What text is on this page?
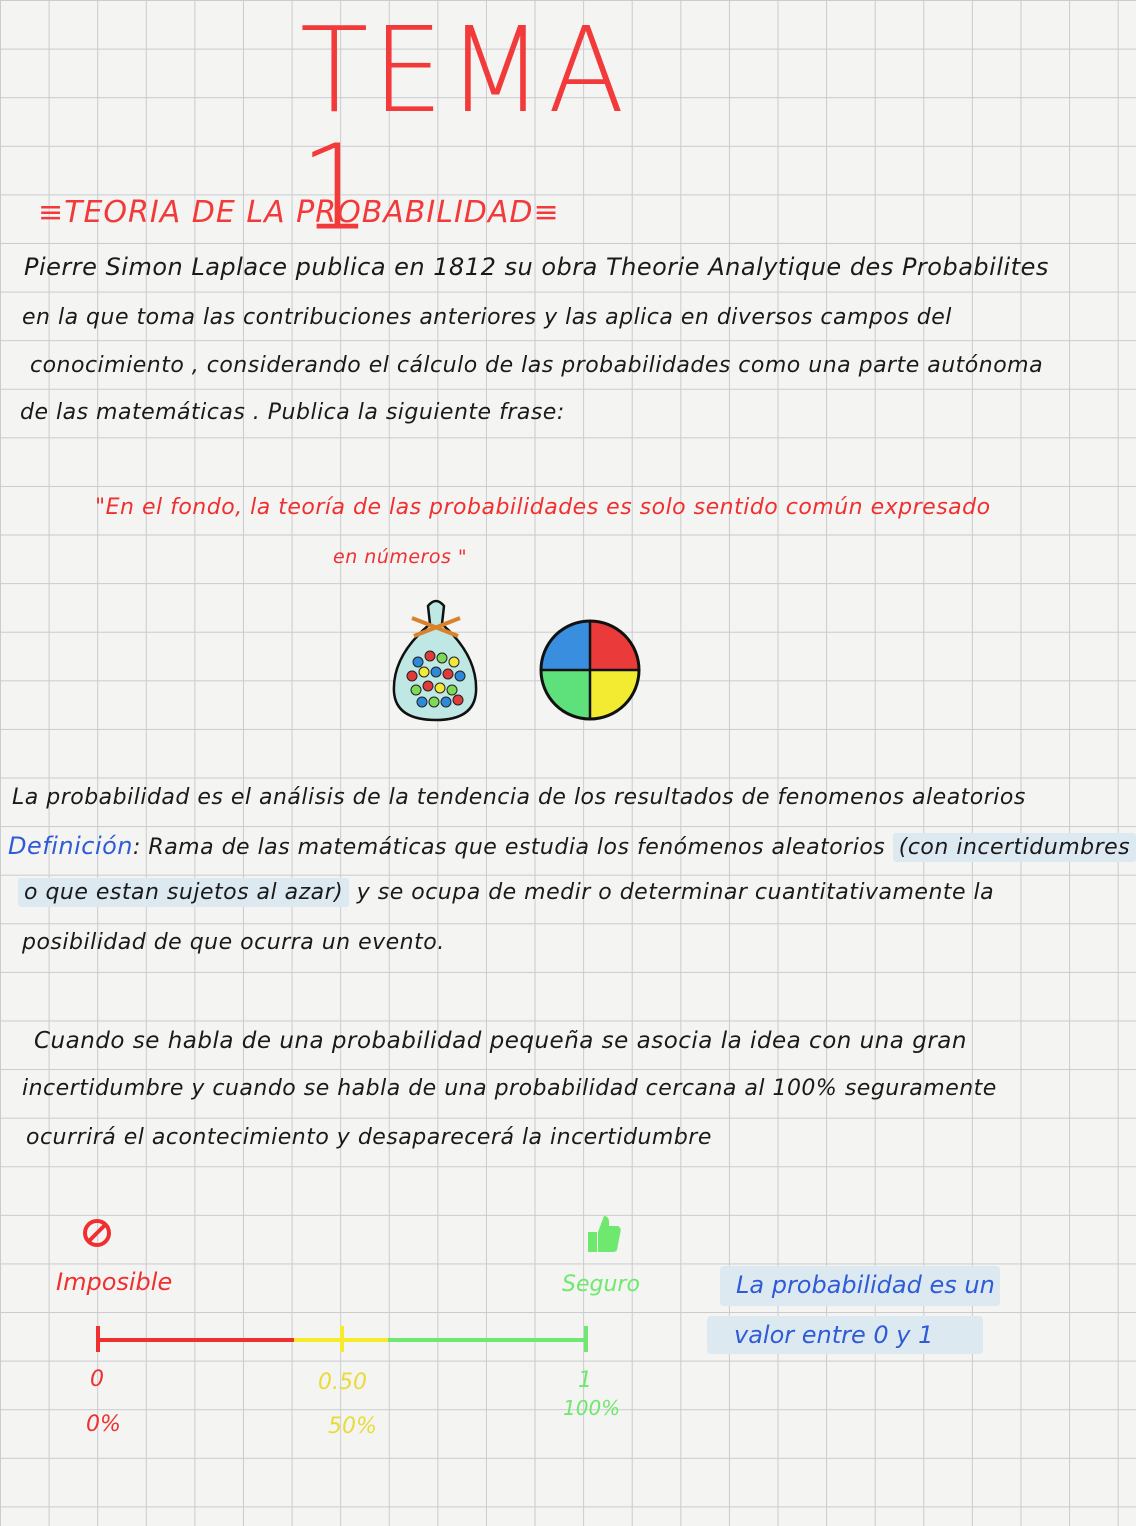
TEMA 1
≡TEORIA DE LA PROBABILIDAD≡
Pierre Simon Laplace publica en 1812 su obra Theorie Analytique des Probabilites
en la que toma las contribuciones anteriores y las aplica en diversos campos del
conocimiento , considerando el cálculo de las probabilidades como una parte autónoma
de las matemáticas . Publica la siguiente frase:
"En el fondo, la teoría de las probabilidades es solo sentido común expresado
en números "
La probabilidad es el análisis de la tendencia de los resultados de fenomenos aleatorios
Definición: Rama de las matemáticas que estudia los fenómenos aleatorios (con incertidumbres
o que estan sujetos al azar) y se ocupa de medir o determinar cuantitativamente la
posibilidad de que ocurra un evento.
Cuando se habla de una probabilidad pequeña se asocia la idea con una gran
incertidumbre y cuando se habla de una probabilidad cercana al 100% seguramente
ocurrirá el acontecimiento y desaparecerá la incertidumbre
Imposible	Seguro
0
0%
0.50
50%
1
100%
La probabilidad es un
valor entre 0 y 1
